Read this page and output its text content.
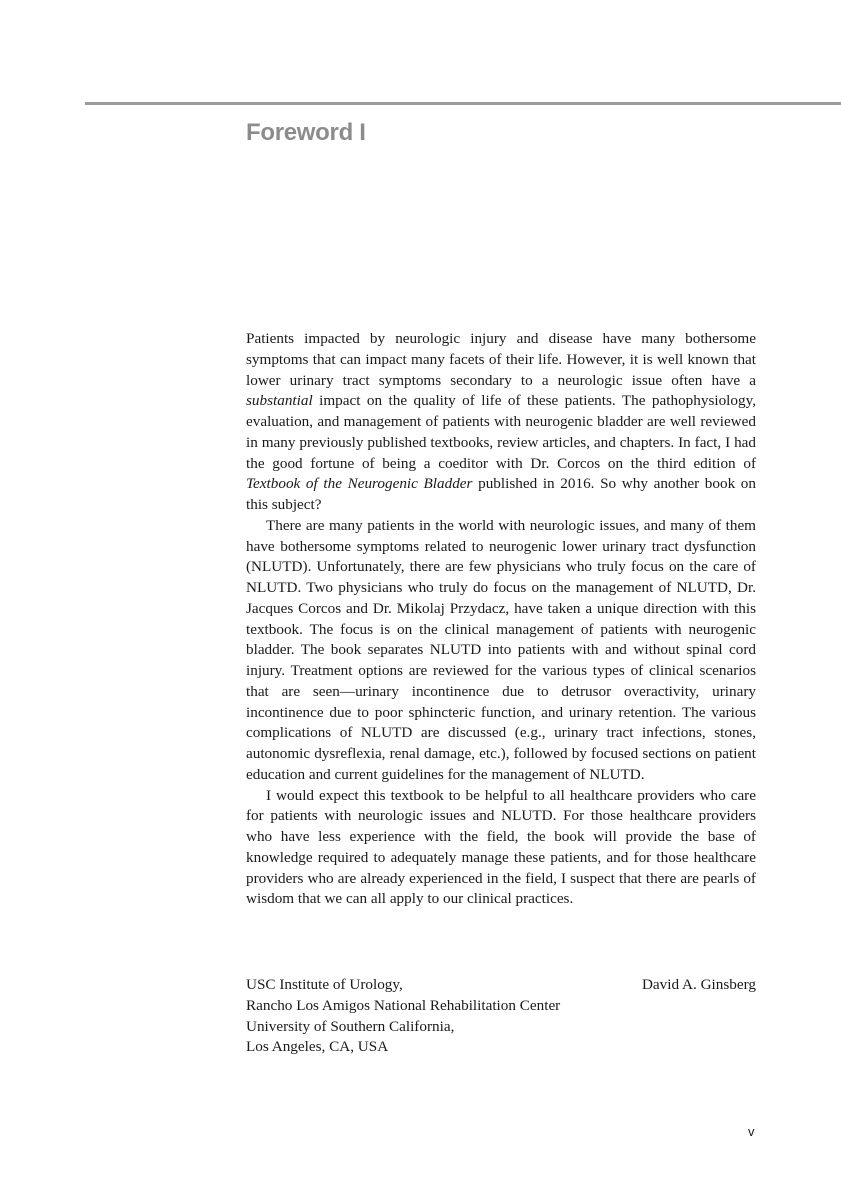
Foreword I

Patients impacted by neurologic injury and disease have many bothersome symptoms that can impact many facets of their life. However, it is well known that lower urinary tract symptoms secondary to a neurologic issue often have a substantial impact on the quality of life of these patients. The pathophysiology, evaluation, and management of patients with neurogenic bladder are well reviewed in many previously published textbooks, review articles, and chapters. In fact, I had the good fortune of being a coeditor with Dr. Corcos on the third edition of Textbook of the Neurogenic Bladder published in 2016. So why another book on this subject?

There are many patients in the world with neurologic issues, and many of them have bothersome symptoms related to neurogenic lower urinary tract dysfunction (NLUTD). Unfortunately, there are few physicians who truly focus on the care of NLUTD. Two physicians who truly do focus on the management of NLUTD, Dr. Jacques Corcos and Dr. Mikolaj Przydacz, have taken a unique direction with this textbook. The focus is on the clinical management of patients with neurogenic bladder. The book separates NLUTD into patients with and without spinal cord injury. Treatment options are reviewed for the various types of clinical scenarios that are seen—urinary incontinence due to detrusor overactivity, urinary incontinence due to poor sphincteric function, and urinary retention. The various complications of NLUTD are discussed (e.g., urinary tract infections, stones, autonomic dysreflexia, renal damage, etc.), followed by focused sections on patient education and current guidelines for the management of NLUTD.

I would expect this textbook to be helpful to all healthcare providers who care for patients with neurologic issues and NLUTD. For those healthcare providers who have less experience with the field, the book will provide the base of knowledge required to adequately manage these patients, and for those healthcare providers who are already experienced in the field, I suspect that there are pearls of wisdom that we can all apply to our clinical practices.

David A. Ginsberg
USC Institute of Urology,
Rancho Los Amigos National Rehabilitation Center
University of Southern California,
Los Angeles, CA, USA
v
